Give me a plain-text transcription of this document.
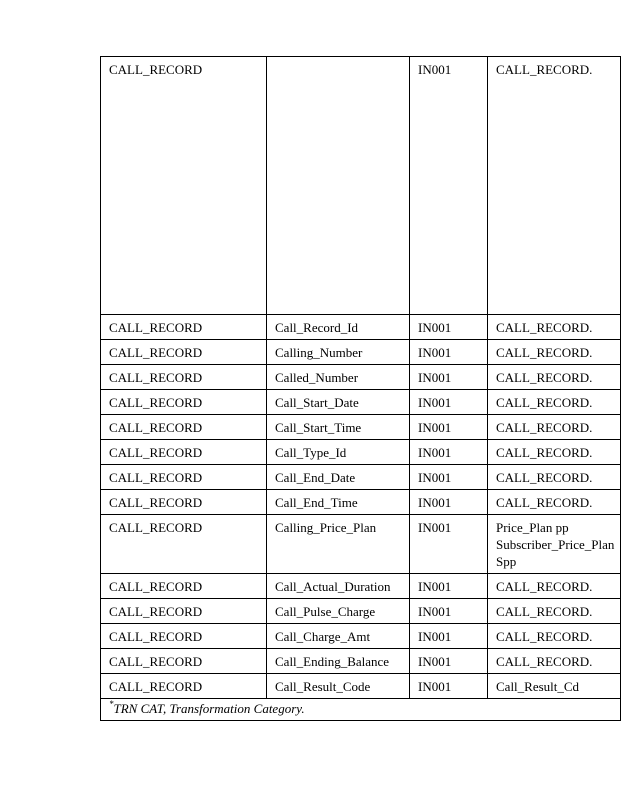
CALL_RECORD		IN001	CALL_RECORD.

CALL_RECORD	Call_Record_Id	IN001	CALL_RECORD.

CALL_RECORD	Calling_Number	IN001	CALL_RECORD.

CALL_RECORD	Called_Number	IN001	CALL_RECORD.

CALL_RECORD	Call_Start_Date	IN001	CALL_RECORD.

CALL_RECORD	Call_Start_Time	IN001	CALL_RECORD.

CALL_RECORD	Call_Type_Id	IN001	CALL_RECORD.

CALL_RECORD	Call_End_Date	IN001	CALL_RECORD.

CALL_RECORD	Call_End_Time	IN001	CALL_RECORD.

CALL_RECORD	Calling_Price_Plan	IN001	Price_Plan pp
Subscriber_Price_Plan
Spp

CALL_RECORD	Call_Actual_Duration	IN001	CALL_RECORD.

CALL_RECORD	Call_Pulse_Charge	IN001	CALL_RECORD.

CALL_RECORD	Call_Charge_Amt	IN001	CALL_RECORD.

CALL_RECORD	Call_Ending_Balance	IN001	CALL_RECORD.

CALL_RECORD	Call_Result_Code	IN001	Call_Result_Cd

*TRN CAT, Transformation Category.			
